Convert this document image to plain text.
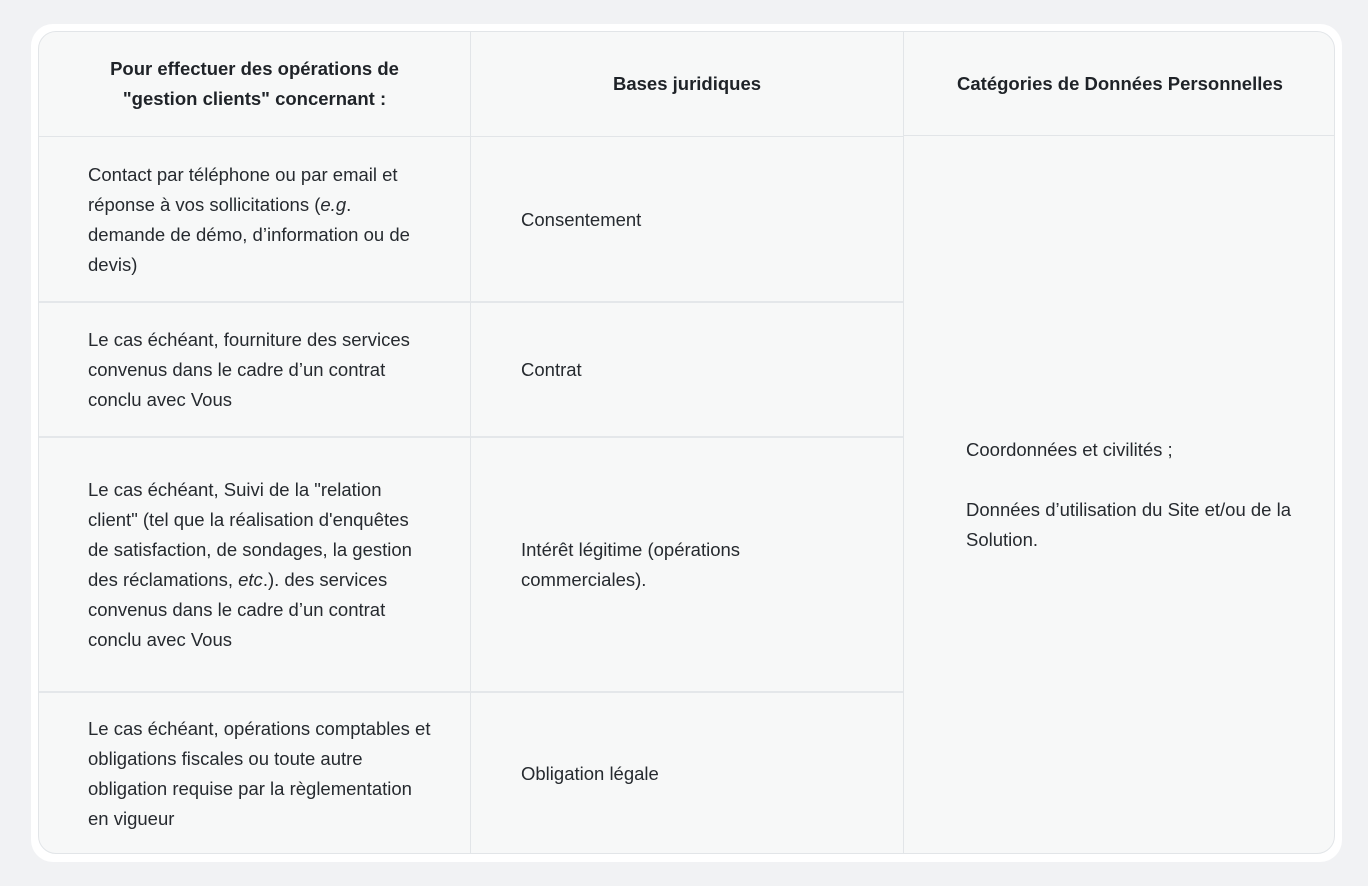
Pour effectuer des opérations de "gestion clients" concernant :
Contact par téléphone ou par email et réponse à vos sollicitations (e.g. demande de démo, d’information ou de devis)
Le cas échéant, fourniture des services convenus dans le cadre d’un contrat conclu avec Vous
Le cas échéant, Suivi de la "relation client" (tel que la réalisation d'enquêtes de satisfaction, de sondages, la gestion des réclamations, etc.). des services convenus dans le cadre d’un contrat conclu avec Vous
Le cas échéant, opérations comptables et obligations fiscales ou toute autre obligation requise par la règlementation en vigueur
Bases juridiques
Consentement
Contrat
Intérêt légitime (opérations commerciales).
Obligation légale
Catégories de Données Personnelles
Coordonnées et civilités ;
Données d’utilisation du Site et/ou de la Solution.
